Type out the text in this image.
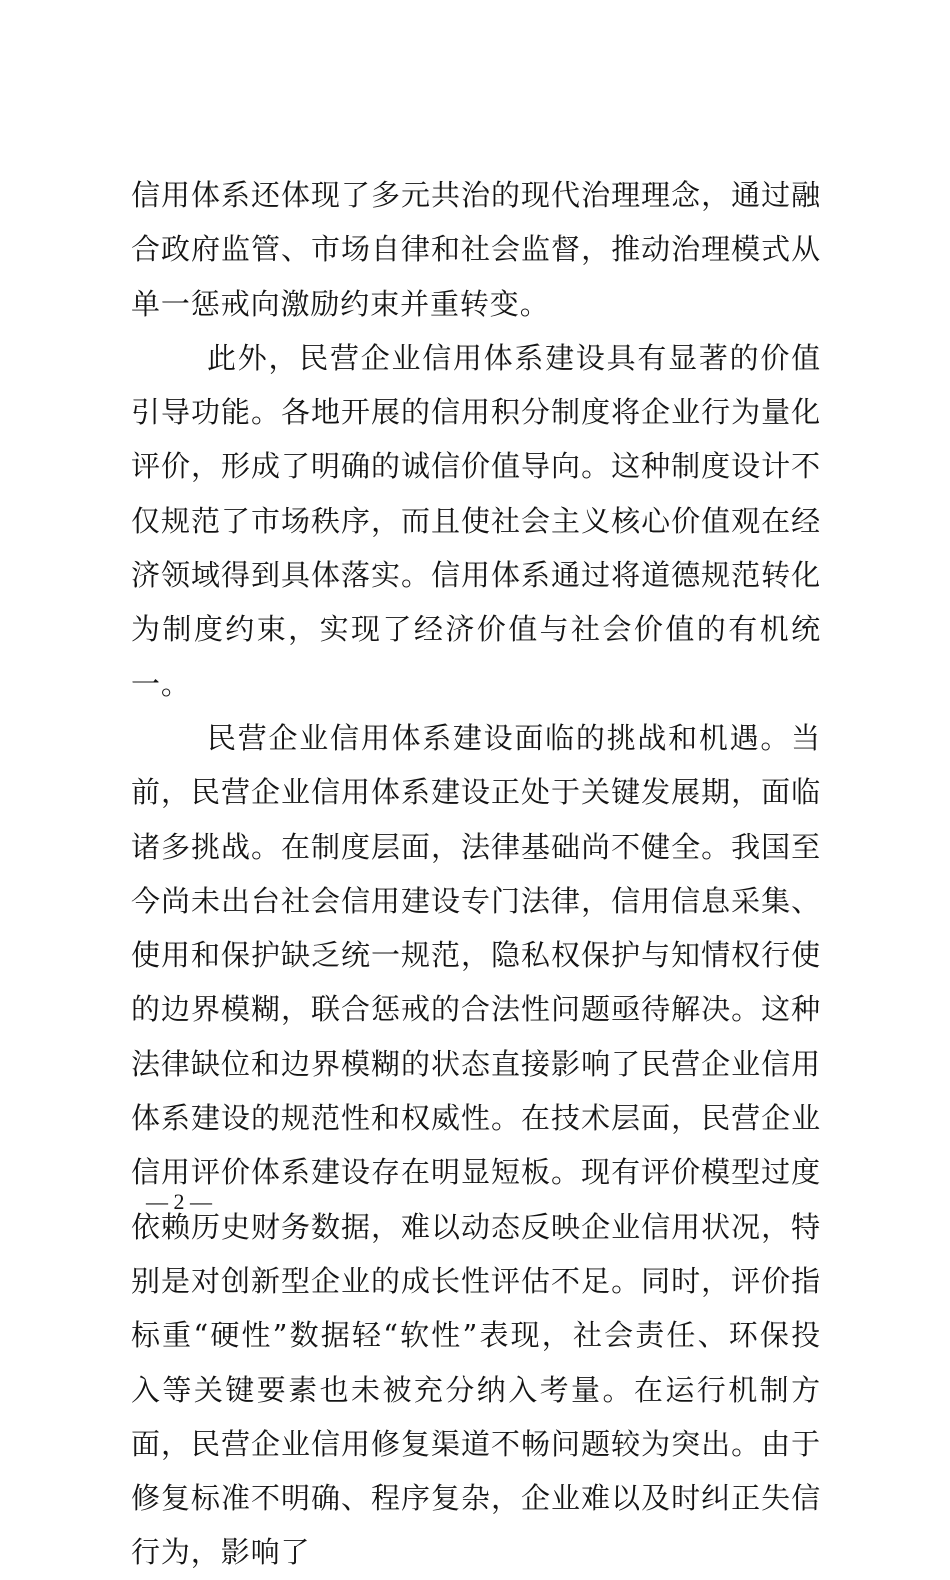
信用体系还体现了多元共治的现代治理理念，通过融合政府监管、市场自律和社会监督，推动治理模式从单一惩戒向激励约束并重转变。

此外，民营企业信用体系建设具有显著的价值引导功能。各地开展的信用积分制度将企业行为量化评价，形成了明确的诚信价值导向。这种制度设计不仅规范了市场秩序，而且使社会主义核心价值观在经济领域得到具体落实。信用体系通过将道德规范转化为制度约束，实现了经济价值与社会价值的有机统一。

民营企业信用体系建设面临的挑战和机遇。当前，民营企业信用体系建设正处于关键发展期，面临诸多挑战。在制度层面，法律基础尚不健全。我国至今尚未出台社会信用建设专门法律，信用信息采集、使用和保护缺乏统一规范，隐私权保护与知情权行使的边界模糊，联合惩戒的合法性问题亟待解决。这种法律缺位和边界模糊的状态直接影响了民营企业信用体系建设的规范性和权威性。在技术层面，民营企业信用评价体系建设存在明显短板。现有评价模型过度依赖历史财务数据，难以动态反映企业信用状况，特别是对创新型企业的成长性评估不足。同时，评价指标重“硬性”数据轻“软性”表现，社会责任、环保投入等关键要素也未被充分纳入考量。在运行机制方面，民营企业信用修复渠道不畅问题较为突出。由于修复标准不明确、程序复杂，企业难以及时纠正失信行为，影响了

— 2 —
